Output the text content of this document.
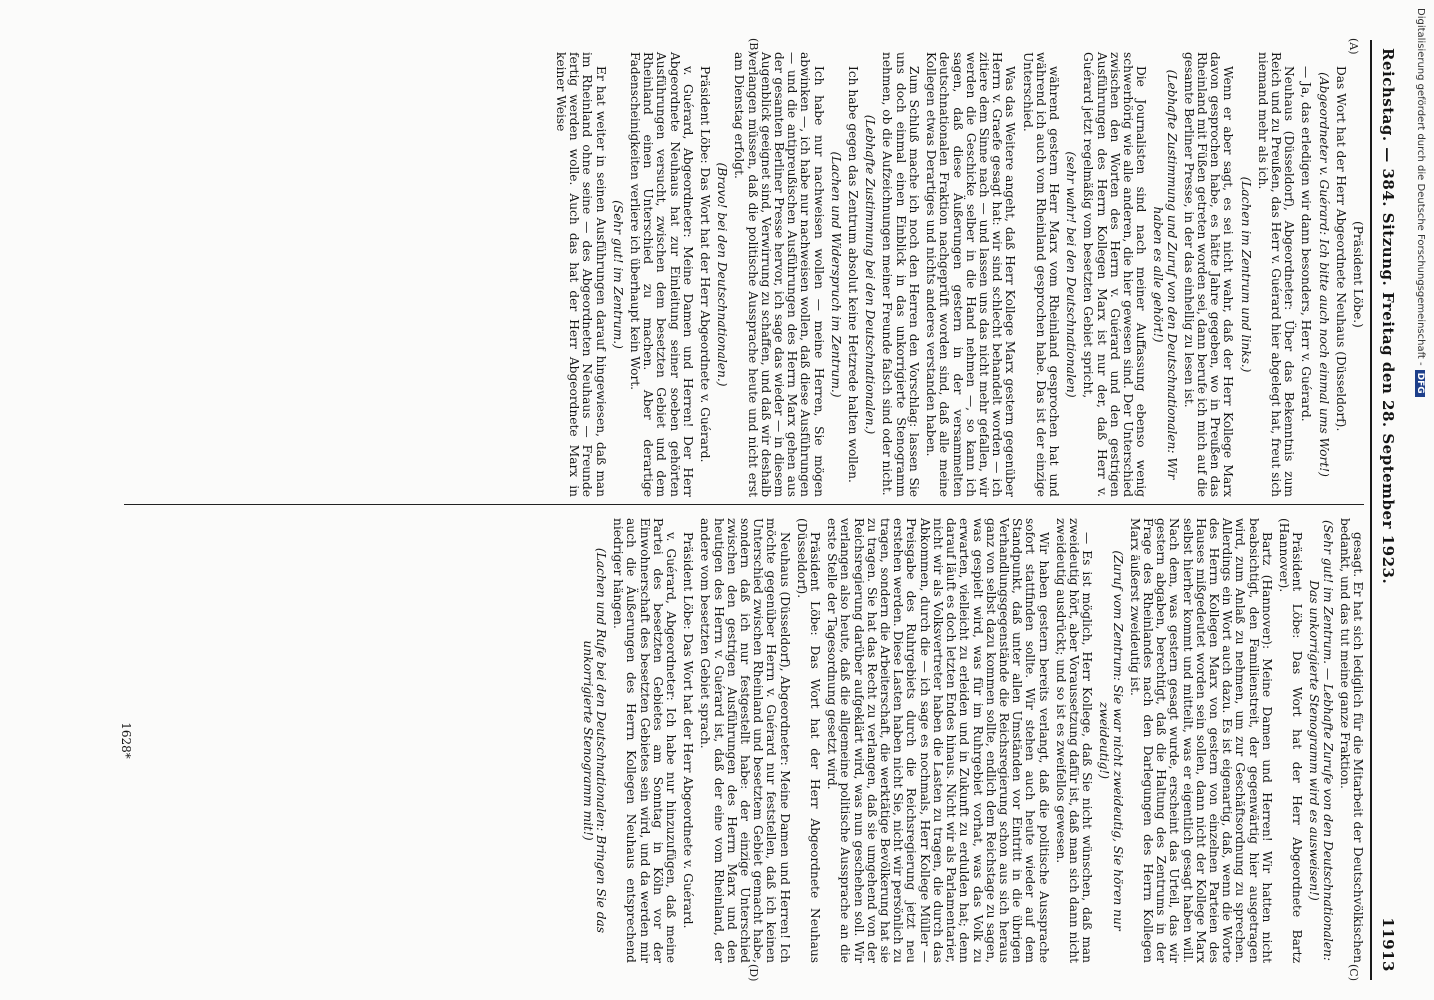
Reichstag. — 384. Sitzung. Freitag den 28. September 1923.
11913
(A)
(B)
(C)
(D)

(Präsident Löbe.)

Das Wort hat der Herr Abgeordnete Neuhaus (Düsseldorf).

(Abgeordneter v. Guérard: Ich bitte auch noch einmal ums Wort!)

— Ja, das erledigen wir dann besonders, Herr v. Guérard.

Neuhaus (Düsseldorf), Abgeordneter: Über das Bekenntnis zum Reich und zu Preußen, das Herr v. Guérard hier abgelegt hat, freut sich niemand mehr als ich.

(Lachen im Zentrum und links.)

Wenn er aber sagt, es sei nicht wahr, daß der Herr Kollege Marx davon gesprochen habe, es hätte Jahre gegeben, wo in Preußen das Rheinland mit Füßen getreten worden sei, dann berufe ich mich auf die gesamte Berliner Presse, in der das einhellig zu lesen ist.

(Lebhafte Zustimmung und Zuruf von den Deutschnationalen: Wir haben es alle gehört!)

Die Journalisten sind nach meiner Auffassung ebenso wenig schwerhörig wie alle anderen, die hier gewesen sind. Der Unterschied zwischen den Worten des Herrn v. Guérard und den gestrigen Ausführungen des Herrn Kollegen Marx ist nur der, daß Herr v. Guérard jetzt regelmäßig vom besetzten Gebiet spricht,

(sehr wahr! bei den Deutschnationalen)

während gestern Herr Marx vom Rheinland gesprochen hat und während ich auch vom Rheinland gesprochen habe. Das ist der einzige Unterschied.

Was das Weitere angeht, daß Herr Kollege Marx gestern gegenüber Herrn v. Graefe gesagt hat: wir sind schlecht behandelt worden — ich zitiere dem Sinne nach — und lassen uns das nicht mehr gefallen, wir werden die Geschicke selber in die Hand nehmen —, so kann ich sagen, daß diese Äußerungen gestern in der versammelten deutschnationalen Fraktion nachgeprüft worden sind, daß alle meine Kollegen etwas Derartiges und nichts anderes verstanden haben.

Zum Schluß mache ich noch den Herren den Vorschlag: lassen Sie uns doch einmal einen Einblick in das unkorrigierte Stenogramm nehmen, ob die Aufzeichnungen meiner Freunde falsch sind oder nicht.

(Lebhafte Zustimmung bei den Deutschnationalen.)

Ich habe gegen das Zentrum absolut keine Hetzrede halten wollen.

(Lachen und Widerspruch im Zentrum.)

Ich habe nur nachweisen wollen — meine Herren, Sie mögen abwinken —, ich habe nur nachweisen wollen, daß diese Ausführungen — und die antipreußischen Ausführungen des Herrn Marx gehen aus der gesamten Berliner Presse hervor, ich sage das wieder — in diesem Augenblick geeignet sind, Verwirrung zu schaffen, und daß wir deshalb verlangen müssen, daß die politische Aussprache heute und nicht erst am Dienstag erfolgt.

(Bravo! bei den Deutschnationalen.)

Präsident Löbe: Das Wort hat der Herr Abgeordnete v. Guérard.

v. Guérard, Abgeordneter: Meine Damen und Herren! Der Herr Abgeordnete Neuhaus hat zur Einleitung seiner soeben gehörten Ausführungen versucht, zwischen dem besetzten Gebiet und dem Rheinland einen Unterschied zu machen. Aber derartige Fadenscheinigkeiten verliere ich überhaupt kein Wort.

(Sehr gut! im Zentrum.)

Er hat weiter in seinen Ausführungen darauf hingewiesen, daß man im Rheinland ohne seine — des Abgeordneten Neuhaus — Freunde fertig werden wolle. Auch das hat der Herr Abgeordnete Marx in keiner Weise

gesagt. Er hat sich lediglich für die Mitarbeit der Deutschvölkischen bedankt, und das tut meine ganze Fraktion.

(Sehr gut! im Zentrum. — Lebhafte Zurufe von den Deutschnationalen: Das unkorrigierte Stenogramm wird es ausweisen!)

Präsident Löbe: Das Wort hat der Herr Abgeordnete Bartz (Hannover).

Bartz (Hannover): Meine Damen und Herren! Wir hatten nicht beabsichtigt, den Familienstreit, der gegenwärtig hier ausgetragen wird, zum Anlaß zu nehmen, um zur Geschäftsordnung zu sprechen. Allerdings ein Wort auch dazu. Es ist eigenartig, daß, wenn die Worte des Herrn Kollegen Marx von gestern von einzelnen Parteien des Hauses mißgedeutet worden sein sollen, dann nicht der Kollege Marx selbst hierher kommt und mitteilt, was er eigentlich gesagt haben will. Nach dem, was gestern gesagt wurde, erscheint das Urteil, das wir gestern abgaben, berechtigt, daß die Haltung des Zentrums in der Frage des Rheinlandes nach den Darlegungen des Herrn Kollegen Marx äußerst zweideutig ist.

(Zuruf vom Zentrum: Sie war nicht zweideutig, Sie hören nur zweideutig!)

— Es ist möglich, Herr Kollege, daß Sie nicht wünschen, daß man zweideutig hört, aber Voraussetzung dafür ist, daß man sich dann nicht zweideutig ausdrückt; und so ist es zweifellos gewesen.

Wir haben gestern bereits verlangt, daß die politische Aussprache sofort stattfinden sollte. Wir stehen auch heute wieder auf dem Standpunkt, daß unter allen Umständen vor Eintritt in die übrigen Verhandlungsgegenstände die Reichsregierung schon aus sich heraus ganz von selbst dazu kommen sollte, endlich dem Reichstage zu sagen, was gespielt wird, was für im Ruhrgebiet vorhat, was das Volk zu erwarten, vielleicht zu erleiden und in Zukunft zu erdulden hat; denn darauf läuft es doch letzten Endes hinaus. Nicht wir als Parlamentarier, nicht wir als Volksvertreter haben die Lasten zu tragen, die durch das Abkommen, durch die — ich sage es nochmals, Herr Kollege Müller — Preisgabe des Ruhrgebiets durch die Reichsregierung jetzt neu erstehen werden. Diese Lasten haben nicht Sie, nicht wir persönlich zu tragen, sondern die Arbeiterschaft, die werktätige Bevölkerung hat sie zu tragen. Sie hat das Recht zu verlangen, daß sie umgehend von der Reichsregierung darüber aufgeklärt wird, was nun geschehen soll. Wir verlangen also heute, daß die allgemeine politische Aussprache an die erste Stelle der Tagesordnung gesetzt wird.

Präsident Löbe: Das Wort hat der Herr Abgeordnete Neuhaus (Düsseldorf).

Neuhaus (Düsseldorf), Abgeordneter: Meine Damen und Herren! Ich möchte gegenüber Herrn v. Guérard nur feststellen, daß ich keinen Unterschied zwischen Rheinland und besetztem Gebiet gemacht habe, sondern daß ich nur festgestellt habe: der einzige Unterschied zwischen den gestrigen Ausführungen des Herrn Marx und den heutigen des Herrn v. Guérard ist, daß der eine vom Rheinland, der andere vom besetzten Gebiet sprach.

Präsident Löbe: Das Wort hat der Herr Abgeordnete v. Guérard.

v. Guérard, Abgeordneter: Ich habe nur hinzuzufügen, daß meine Partei des besetzten Gebietes am Sonntag in Köln vor der Einwohnerschaft des besetzten Gebietes sein wird, und da werden mir auch die Äußerungen des Herrn Kollegen Neuhaus entsprechend niedriger hängen.

(Lachen und Rufe bei den Deutschnationalen: Bringen Sie das unkorrigierte Stenogramm mit!)

1628*
Digitalisierung gefördert durch die Deutsche Forschungsgemeinschaft -DFG
